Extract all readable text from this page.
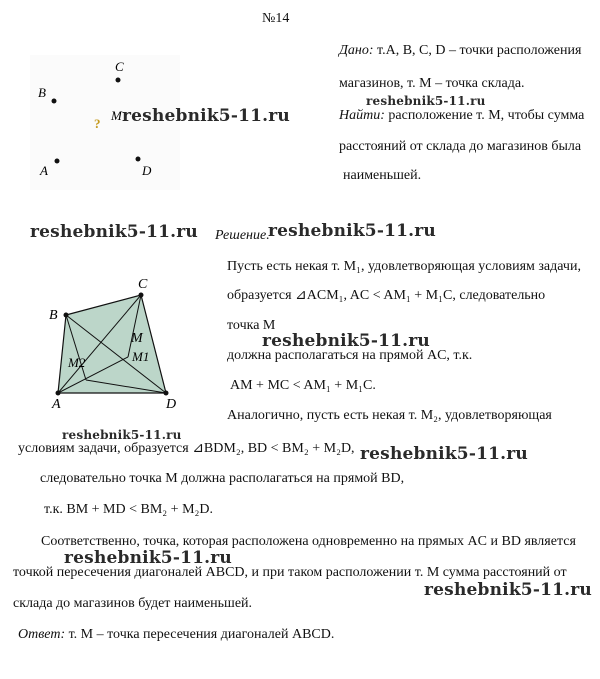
№14
B
C
M
?
A	D
Дано: т.A, B, C, D – точки расположения
магазинов, т. M – точка склада.
Найти: расположение т. M, чтобы сумма
расстояний от склада до магазинов была
наименьшей.
C
B
M
M1
M2
A	D
Решение.
Пусть есть некая т. M₁, удовлетворяющая условиям задачи,
образуется ⊿ACM₁, AC < AM₁ + M₁C, следовательно
точка M
должна располагаться на прямой AC, т.к.
AM + MC < AM₁ + M₁C.
Аналогично, пусть есть некая т. M₂, удовлетворяющая
условиям задачи, образуется ⊿BDM₂, BD < BM₂ + M₂D,
следовательно точка M должна располагаться на прямой BD,
т.к. BM + MD < BM₂ + M₂D.
Соответственно, точка, которая расположена одновременно на прямых AC и BD является
точкой пересечения диагоналей ABCD, и при таком расположении т. M сумма расстояний от
склада до магазинов будет наименьшей.
Ответ: т. M – точка пересечения диагоналей ABCD.
reshebnik5-11.ru
reshebnik5-11.ru
reshebnik5-11.ru	reshebnik5-11.ru
reshebnik5-11.ru
reshebnik5-11.ru
reshebnik5-11.ru
reshebnik5-11.ru
reshebnik5-11.ru
